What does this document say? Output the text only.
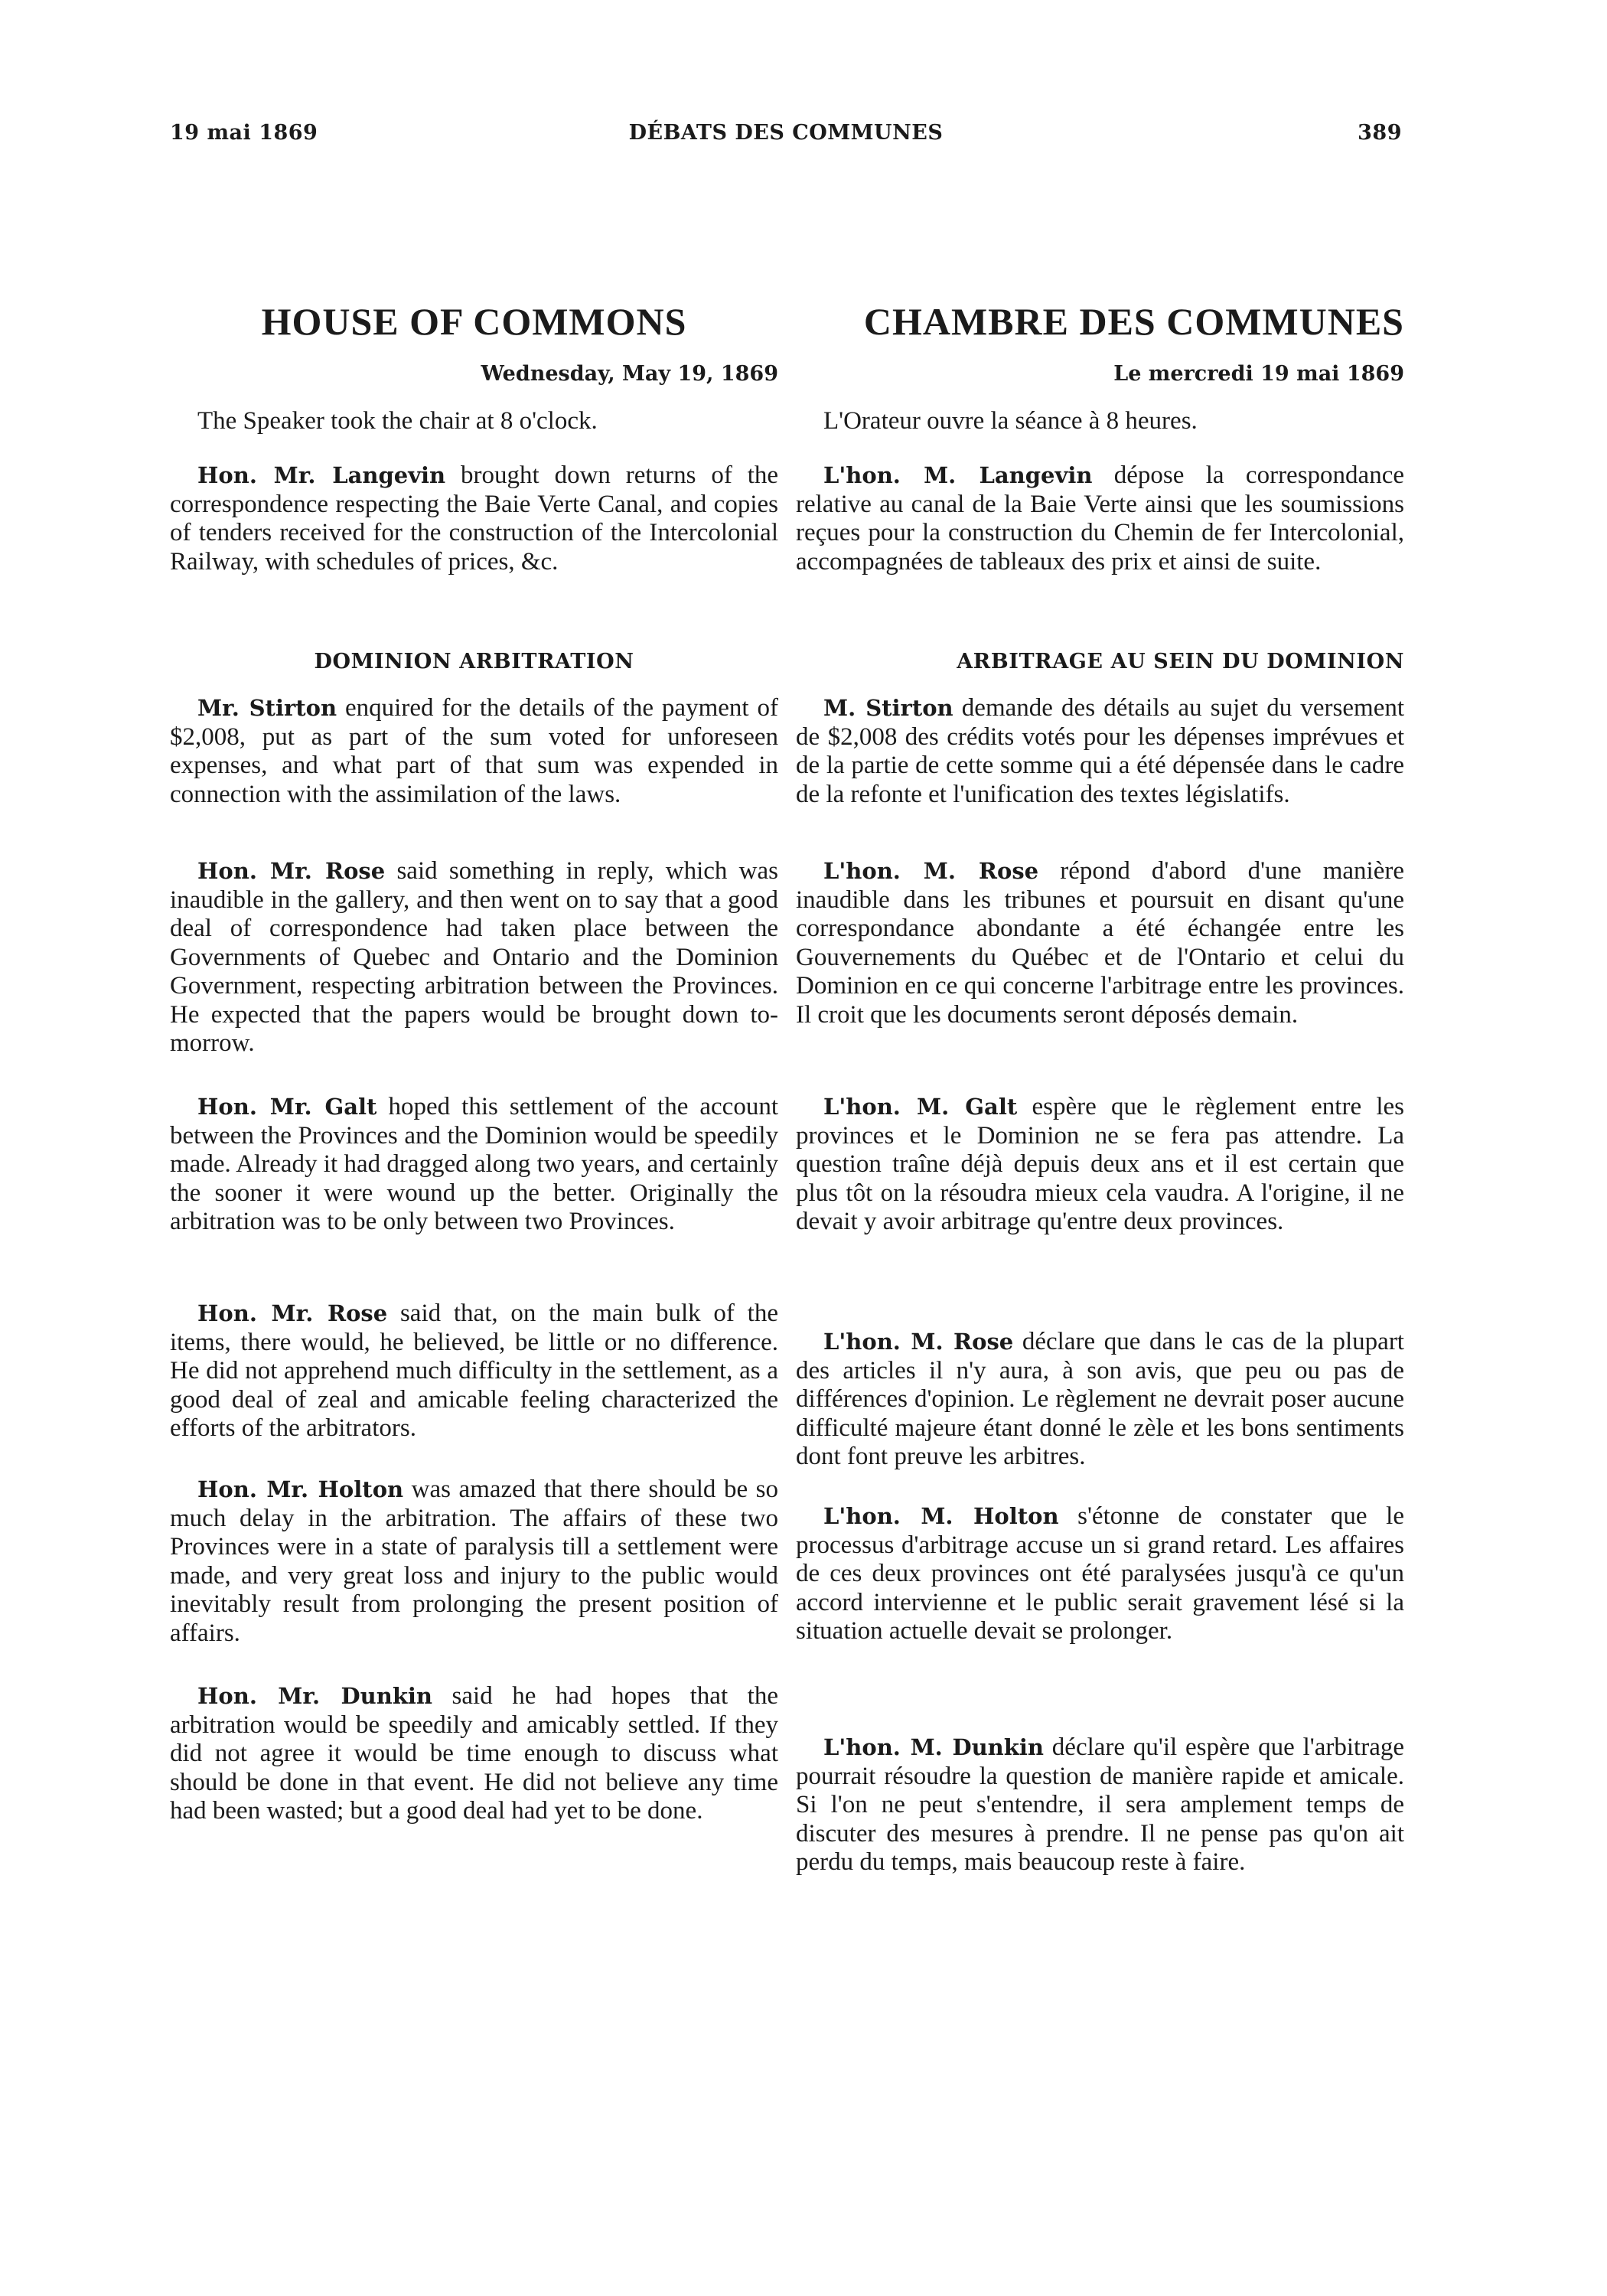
19 mai 1869	DÉBATS DES COMMUNES	389
HOUSE OF COMMONS
Wednesday, May 19, 1869
The Speaker took the chair at 8 o'clock.

Hon. Mr. Langevin brought down returns of the correspondence respecting the Baie Verte Canal, and copies of tenders received for the construction of the Intercolonial Railway, with schedules of prices, &c.

DOMINION ARBITRATION

Mr. Stirton enquired for the details of the payment of $2,008, put as part of the sum voted for unforeseen expenses, and what part of that sum was expended in connection with the assimilation of the laws.

Hon. Mr. Rose said something in reply, which was inaudible in the gallery, and then went on to say that a good deal of correspondence had taken place between the Governments of Quebec and Ontario and the Dominion Government, respecting arbitration between the Provinces. He expected that the papers would be brought down to-morrow.

Hon. Mr. Galt hoped this settlement of the account between the Provinces and the Dominion would be speedily made. Already it had dragged along two years, and certainly the sooner it were wound up the better. Originally the arbitration was to be only between two Provinces.

Hon. Mr. Rose said that, on the main bulk of the items, there would, he believed, be little or no difference. He did not apprehend much difficulty in the settlement, as a good deal of zeal and amicable feeling characterized the efforts of the arbitrators.

Hon. Mr. Holton was amazed that there should be so much delay in the arbitration. The affairs of these two Provinces were in a state of paralysis till a settlement were made, and very great loss and injury to the public would inevitably result from prolonging the present position of affairs.

Hon. Mr. Dunkin said he had hopes that the arbitration would be speedily and amicably settled. If they did not agree it would be time enough to discuss what should be done in that event. He did not believe any time had been wasted; but a good deal had yet to be done.

CHAMBRE DES COMMUNES
Le mercredi 19 mai 1869
L'Orateur ouvre la séance à 8 heures.

L'hon. M. Langevin dépose la correspondance relative au canal de la Baie Verte ainsi que les soumissions reçues pour la construction du Chemin de fer Intercolonial, accompagnées de tableaux des prix et ainsi de suite.

ARBITRAGE AU SEIN DU DOMINION

M. Stirton demande des détails au sujet du versement de $2,008 des crédits votés pour les dépenses imprévues et de la partie de cette somme qui a été dépensée dans le cadre de la refonte et l'unification des textes législatifs.

L'hon. M. Rose répond d'abord d'une manière inaudible dans les tribunes et poursuit en disant qu'une correspondance abondante a été échangée entre les Gouvernements du Québec et de l'Ontario et celui du Dominion en ce qui concerne l'arbitrage entre les provinces. Il croit que les documents seront déposés demain.

L'hon. M. Galt espère que le règlement entre les provinces et le Dominion ne se fera pas attendre. La question traîne déjà depuis deux ans et il est certain que plus tôt on la résoudra mieux cela vaudra. A l'origine, il ne devait y avoir arbitrage qu'entre deux provinces.

L'hon. M. Rose déclare que dans le cas de la plupart des articles il n'y aura, à son avis, que peu ou pas de différences d'opinion. Le règlement ne devrait poser aucune difficulté majeure étant donné le zèle et les bons sentiments dont font preuve les arbitres.

L'hon. M. Holton s'étonne de constater que le processus d'arbitrage accuse un si grand retard. Les affaires de ces deux provinces ont été paralysées jusqu'à ce qu'un accord intervienne et le public serait gravement lésé si la situation actuelle devait se prolonger.

L'hon. M. Dunkin déclare qu'il espère que l'arbitrage pourrait résoudre la question de manière rapide et amicale. Si l'on ne peut s'entendre, il sera amplement temps de discuter des mesures à prendre. Il ne pense pas qu'on ait perdu du temps, mais beaucoup reste à faire.
